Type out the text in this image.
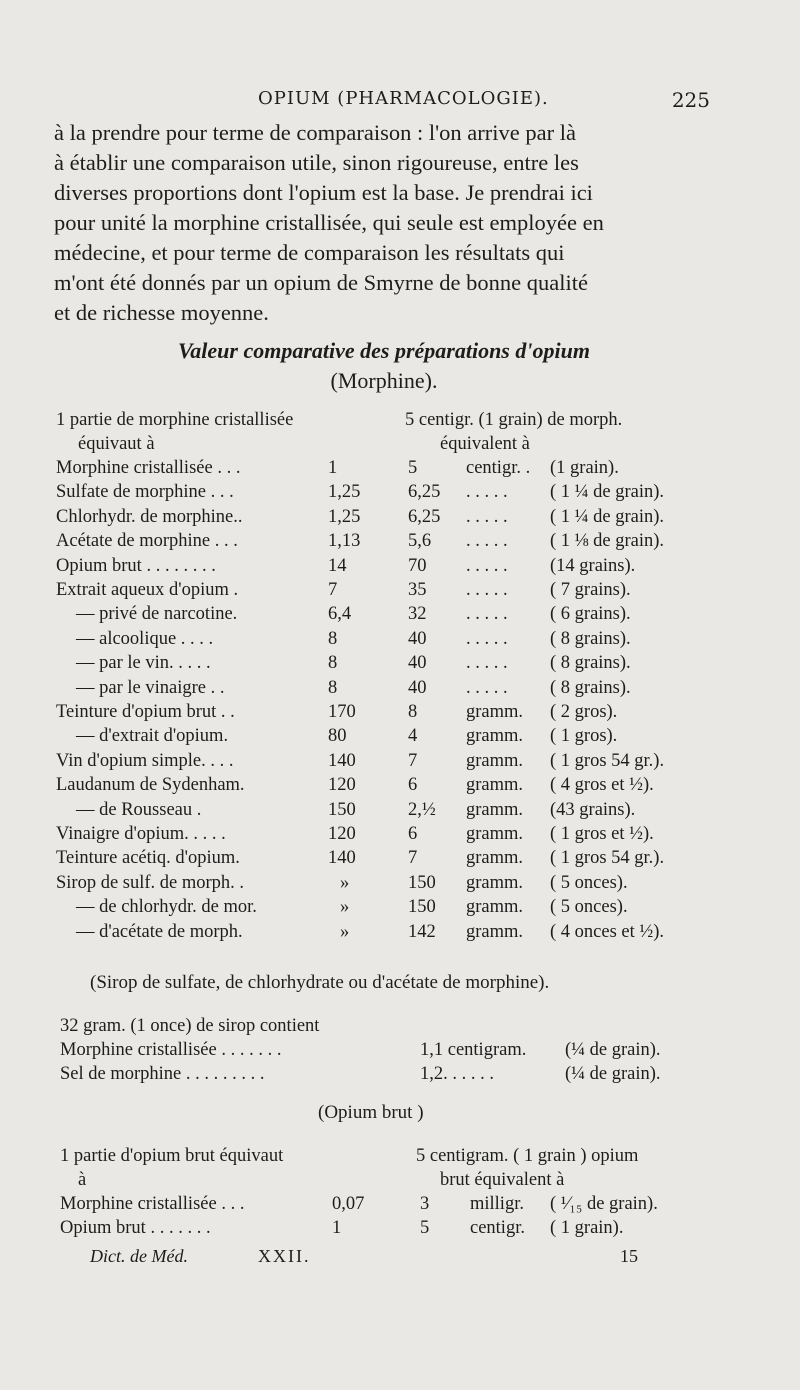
OPIUM (PHARMACOLOGIE).	225
à la prendre pour terme de comparaison : l'on arrive par là
à établir une comparaison utile, sinon rigoureuse, entre les
diverses proportions dont l'opium est la base. Je prendrai ici
pour unité la morphine cristallisée, qui seule est employée en
médecine, et pour terme de comparaison les résultats qui
m'ont été donnés par un opium de Smyrne de bonne qualité
et de richesse moyenne.
Valeur comparative des préparations d'opium
(Morphine).
1 partie de morphine cristallisée
équivaut à
5 centigr. (1 grain) de morph.
équivalent à
Morphine cristallisée . . .	1	5	centigr. . (1 grain).
Sulfate de morphine . . .	1,25	6,25 . . . . . ( 1 ¼ de grain).
Chlorhydr. de morphine..	1,25	6,25 . . . . . ( 1 ¼ de grain).
Acétate de morphine . . .	1,13	5,6 . . . . . ( 1 ⅛ de grain).
Opium brut . . . . . . . .	14	70 . . . . . (14 grains).
Extrait aqueux d'opium .	7	35 . . . . . ( 7 grains).
— privé de narcotine.	6,4	32 . . . . . ( 6 grains).
— alcoolique . . . .	8	40 . . . . . ( 8 grains).
— par le vin. . . . .	8	40 . . . . . ( 8 grains).
— par le vinaigre . .	8	40 . . . . . ( 8 grains).
Teinture d'opium brut . .	170	8	gramm. ( 2 gros).
— d'extrait d'opium.	80	4	gramm. ( 1 gros).
Vin d'opium simple. . . .	140	7	gramm. ( 1 gros 54 gr.).
Laudanum de Sydenham.	120	6	gramm. ( 4 gros et ½).
— de Rousseau .	150	2,½ gramm. (43 grains).
Vinaigre d'opium. . . . .	120	6	gramm. ( 1 gros et ½).
Teinture acétiq. d'opium.	140	7	gramm. ( 1 gros 54 gr.).
Sirop de sulf. de morph. .	»	150 gramm. ( 5 onces).
— de chlorhydr. de mor.	»	150 gramm. ( 5 onces).
— d'acétate de morph.	»	142 gramm. ( 4 onces et ½).
(Sirop de sulfate, de chlorhydrate ou d'acétate de morphine).
32 gram. (1 once) de sirop contient
Morphine cristallisée . . . . . . .	1,1 centigram. (¼ de grain).
Sel de morphine . . . . . . . . .	1,2. . . . . .	(¼ de grain).
(Opium brut )
1 partie d'opium brut équivaut
à
5 centigram. ( 1 grain ) opium
brut équivalent à
Morphine cristallisée . . .	0,07	3 milligr. ( ¹⁄₁₅ de grain).
Opium brut . . . . . . .	1	5 centigr. ( 1 grain).
Dict. de Méd.	XXII.	15
